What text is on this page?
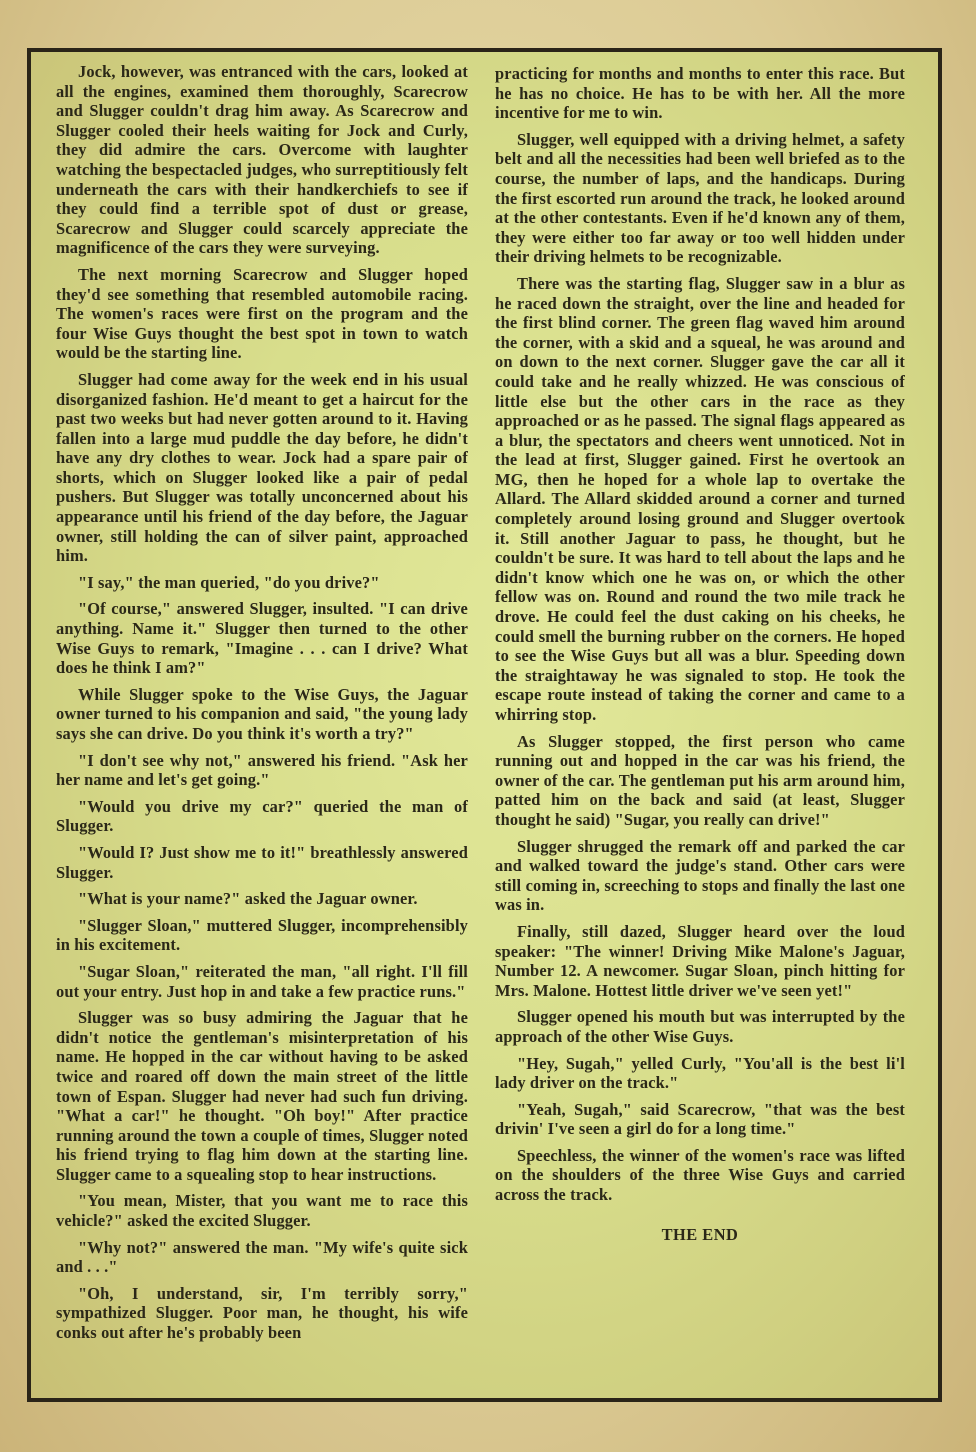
Jock, however, was entranced with the cars, looked at all the engines, examined them thoroughly, Scarecrow and Slugger couldn't drag him away. As Scarecrow and Slugger cooled their heels waiting for Jock and Curly, they did admire the cars. Overcome with laughter watching the bespectacled judges, who surreptitiously felt underneath the cars with their handkerchiefs to see if they could find a terrible spot of dust or grease, Scarecrow and Slugger could scarcely appreciate the magnificence of the cars they were surveying.

The next morning Scarecrow and Slugger hoped they'd see something that resembled automobile racing. The women's races were first on the program and the four Wise Guys thought the best spot in town to watch would be the starting line.

Slugger had come away for the week end in his usual disorganized fashion. He'd meant to get a haircut for the past two weeks but had never gotten around to it. Having fallen into a large mud puddle the day before, he didn't have any dry clothes to wear. Jock had a spare pair of shorts, which on Slugger looked like a pair of pedal pushers. But Slugger was totally unconcerned about his appearance until his friend of the day before, the Jaguar owner, still holding the can of silver paint, approached him.

"I say," the man queried, "do you drive?"

"Of course," answered Slugger, insulted. "I can drive anything. Name it." Slugger then turned to the other Wise Guys to remark, "Imagine . . . can I drive? What does he think I am?"

While Slugger spoke to the Wise Guys, the Jaguar owner turned to his companion and said, "the young lady says she can drive. Do you think it's worth a try?"

"I don't see why not," answered his friend. "Ask her her name and let's get going."

"Would you drive my car?" queried the man of Slugger.

"Would I? Just show me to it!" breathlessly answered Slugger.

"What is your name?" asked the Jaguar owner.

"Slugger Sloan," muttered Slugger, incomprehensibly in his excitement.

"Sugar Sloan," reiterated the man, "all right. I'll fill out your entry. Just hop in and take a few practice runs."

Slugger was so busy admiring the Jaguar that he didn't notice the gentleman's misinterpretation of his name. He hopped in the car without having to be asked twice and roared off down the main street of the little town of Espan. Slugger had never had such fun driving. "What a car!" he thought. "Oh boy!" After practice running around the town a couple of times, Slugger noted his friend trying to flag him down at the starting line. Slugger came to a squealing stop to hear instructions.

"You mean, Mister, that you want me to race this vehicle?" asked the excited Slugger.

"Why not?" answered the man. "My wife's quite sick and . . ."

"Oh, I understand, sir, I'm terribly sorry," sympathized Slugger. Poor man, he thought, his wife conks out after he's probably been

practicing for months and months to enter this race. But he has no choice. He has to be with her. All the more incentive for me to win.

Slugger, well equipped with a driving helmet, a safety belt and all the necessities had been well briefed as to the course, the number of laps, and the handicaps. During the first escorted run around the track, he looked around at the other contestants. Even if he'd known any of them, they were either too far away or too well hidden under their driving helmets to be recognizable.

There was the starting flag, Slugger saw in a blur as he raced down the straight, over the line and headed for the first blind corner. The green flag waved him around the corner, with a skid and a squeal, he was around and on down to the next corner. Slugger gave the car all it could take and he really whizzed. He was conscious of little else but the other cars in the race as they approached or as he passed. The signal flags appeared as a blur, the spectators and cheers went unnoticed. Not in the lead at first, Slugger gained. First he overtook an MG, then he hoped for a whole lap to overtake the Allard. The Allard skidded around a corner and turned completely around losing ground and Slugger overtook it. Still another Jaguar to pass, he thought, but he couldn't be sure. It was hard to tell about the laps and he didn't know which one he was on, or which the other fellow was on. Round and round the two mile track he drove. He could feel the dust caking on his cheeks, he could smell the burning rubber on the corners. He hoped to see the Wise Guys but all was a blur. Speeding down the straightaway he was signaled to stop. He took the escape route instead of taking the corner and came to a whirring stop.

As Slugger stopped, the first person who came running out and hopped in the car was his friend, the owner of the car. The gentleman put his arm around him, patted him on the back and said (at least, Slugger thought he said) "Sugar, you really can drive!"

Slugger shrugged the remark off and parked the car and walked toward the judge's stand. Other cars were still coming in, screeching to stops and finally the last one was in.

Finally, still dazed, Slugger heard over the loud speaker: "The winner! Driving Mike Malone's Jaguar, Number 12. A newcomer. Sugar Sloan, pinch hitting for Mrs. Malone. Hottest little driver we've seen yet!"

Slugger opened his mouth but was interrupted by the approach of the other Wise Guys.

"Hey, Sugah," yelled Curly, "You'all is the best li'l lady driver on the track."

"Yeah, Sugah," said Scarecrow, "that was the best drivin' I've seen a girl do for a long time."

Speechless, the winner of the women's race was lifted on the shoulders of the three Wise Guys and carried across the track.

THE END
